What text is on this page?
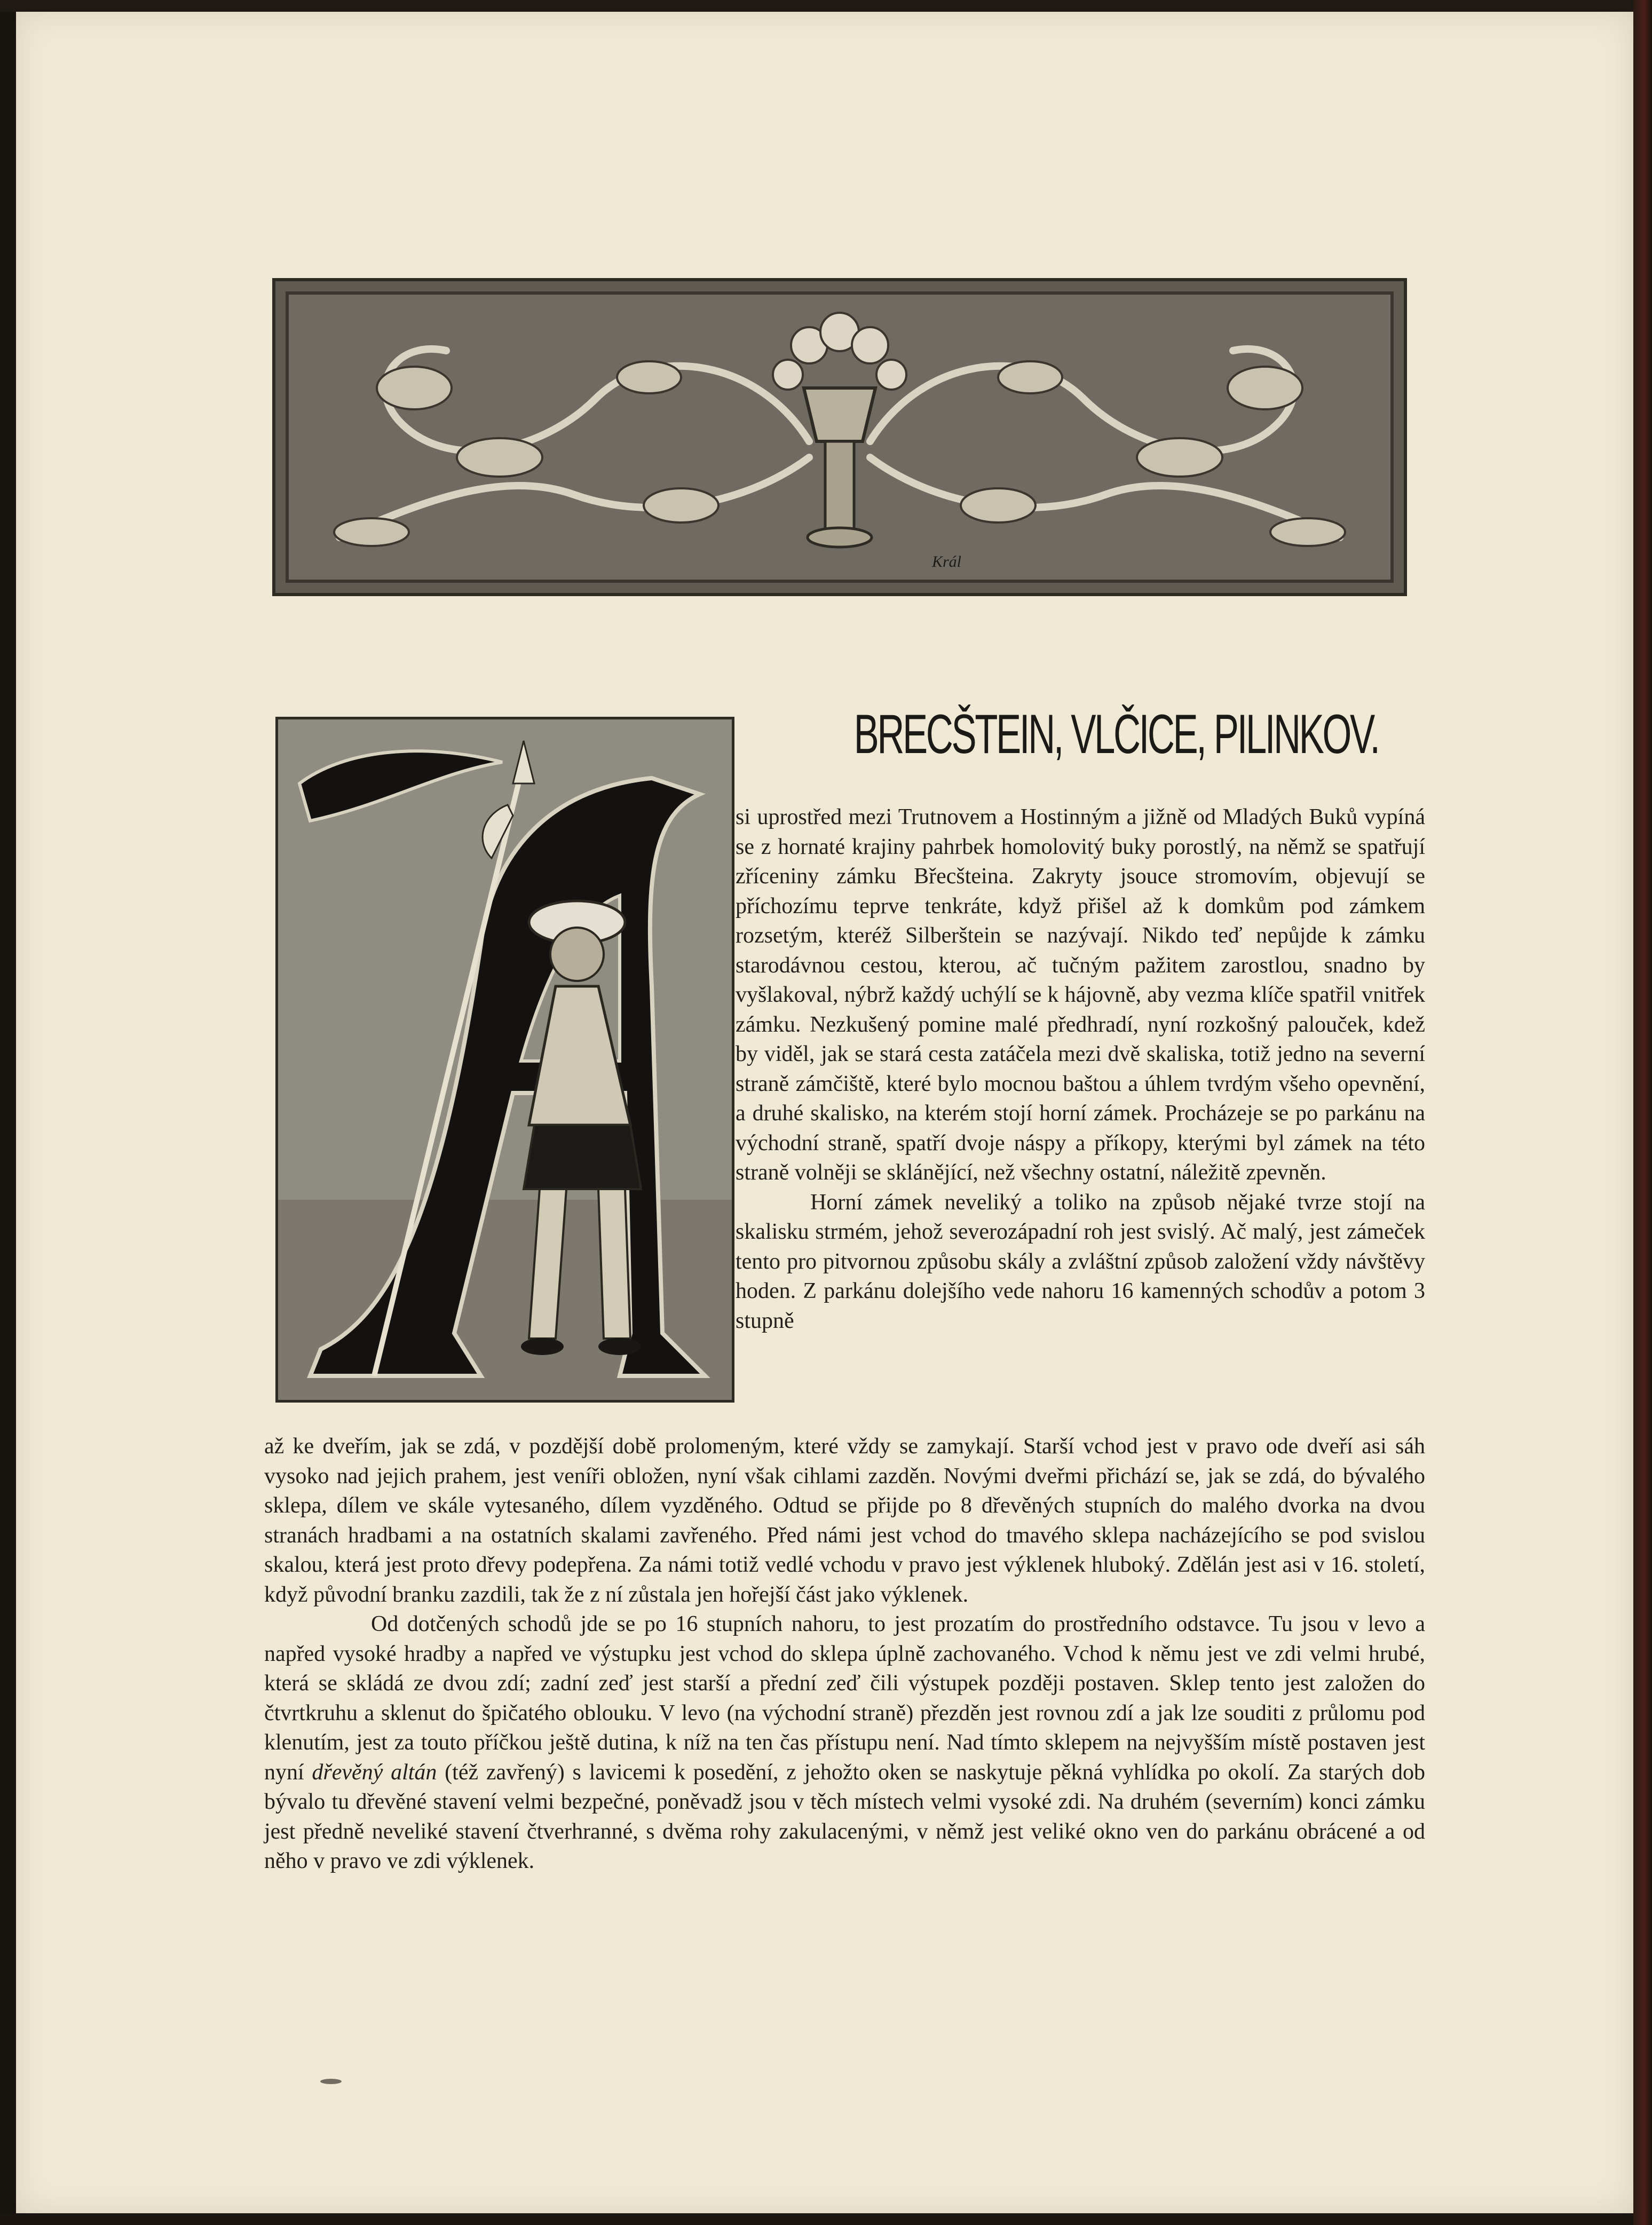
Král
BRECŠTEIN, VLČICE, PILINKOV.

si uprostřed mezi Trutnovem a Hostinným a jižně od Mladých Buků vypíná se z hornaté krajiny pahrbek homolovitý buky porostlý, na němž se spatřují zříceniny zámku Břecšteina. Zakryty jsouce stromovím, objevují se příchozímu teprve tenkráte, když přišel až k domkům pod zámkem rozsetým, kteréž Silberštein se nazývají. Nikdo teď nepůjde k zámku starodávnou cestou, kterou, ač tučným pažitem zarostlou, snadno by vyšlakoval, nýbrž každý uchýlí se k hájovně, aby vezma klíče spatřil vnitřek zámku. Nezkušený pomine malé předhradí, nyní rozkošný palouček, kdež by viděl, jak se stará cesta zatáčela mezi dvě skaliska, totiž jedno na severní straně zámčiště, které bylo mocnou baštou a úhlem tvrdým všeho opevnění, a druhé skalisko, na kterém stojí horní zámek. Procházeje se po parkánu na východní straně, spatří dvoje náspy a příkopy, kterými byl zámek na této straně volněji se sklánějící, než všechny ostatní, náležitě zpevněn.

Horní zámek neveliký a toliko na způsob nějaké tvrze stojí na skalisku strmém, jehož severozápadní roh jest svislý. Ač malý, jest zámeček tento pro pitvornou způsobu skály a zvláštní způsob založení vždy návštěvy hoden. Z parkánu dolejšího vede nahoru 16 kamenných schodův a potom 3 stupně

až ke dveřím, jak se zdá, v pozdější době prolomeným, které vždy se zamykají. Starší vchod jest v pravo ode dveří asi sáh vysoko nad jejich prahem, jest veníři obložen, nyní však cihlami zazděn. Novými dveřmi přichází se, jak se zdá, do bývalého sklepa, dílem ve skále vytesaného, dílem vyzděného. Odtud se přijde po 8 dřevěných stupních do malého dvorka na dvou stranách hradbami a na ostatních skalami zavřeného. Před námi jest vchod do tmavého sklepa nacházejícího se pod svislou skalou, která jest proto dřevy podepřena. Za námi totiž vedlé vchodu v pravo jest výklenek hluboký. Zdělán jest asi v 16. století, když původní branku zazdili, tak že z ní zůstala jen hořejší část jako výklenek.

Od dotčených schodů jde se po 16 stupních nahoru, to jest prozatím do prostředního odstavce. Tu jsou v levo a napřed vysoké hradby a napřed ve výstupku jest vchod do sklepa úplně zachovaného. Vchod k němu jest ve zdi velmi hrubé, která se skládá ze dvou zdí; zadní zeď jest starší a přední zeď čili výstupek později postaven. Sklep tento jest založen do čtvrtkruhu a sklenut do špičatého oblouku. V levo (na východní straně) přezděn jest rovnou zdí a jak lze souditi z průlomu pod klenutím, jest za touto příčkou ještě dutina, k níž na ten čas přístupu není. Nad tímto sklepem na nejvyšším místě postaven jest nyní dřevěný altán (též zavřený) s lavicemi k posedění, z jehožto oken se naskytuje pěkná vyhlídka po okolí. Za starých dob bývalo tu dřevěné stavení velmi bezpečné, poněvadž jsou v těch místech velmi vysoké zdi. Na druhém (severním) konci zámku jest předně neveliké stavení čtverhranné, s dvěma rohy zakulacenými, v němž jest veliké okno ven do parkánu obrácené a od něho v pravo ve zdi výklenek.
